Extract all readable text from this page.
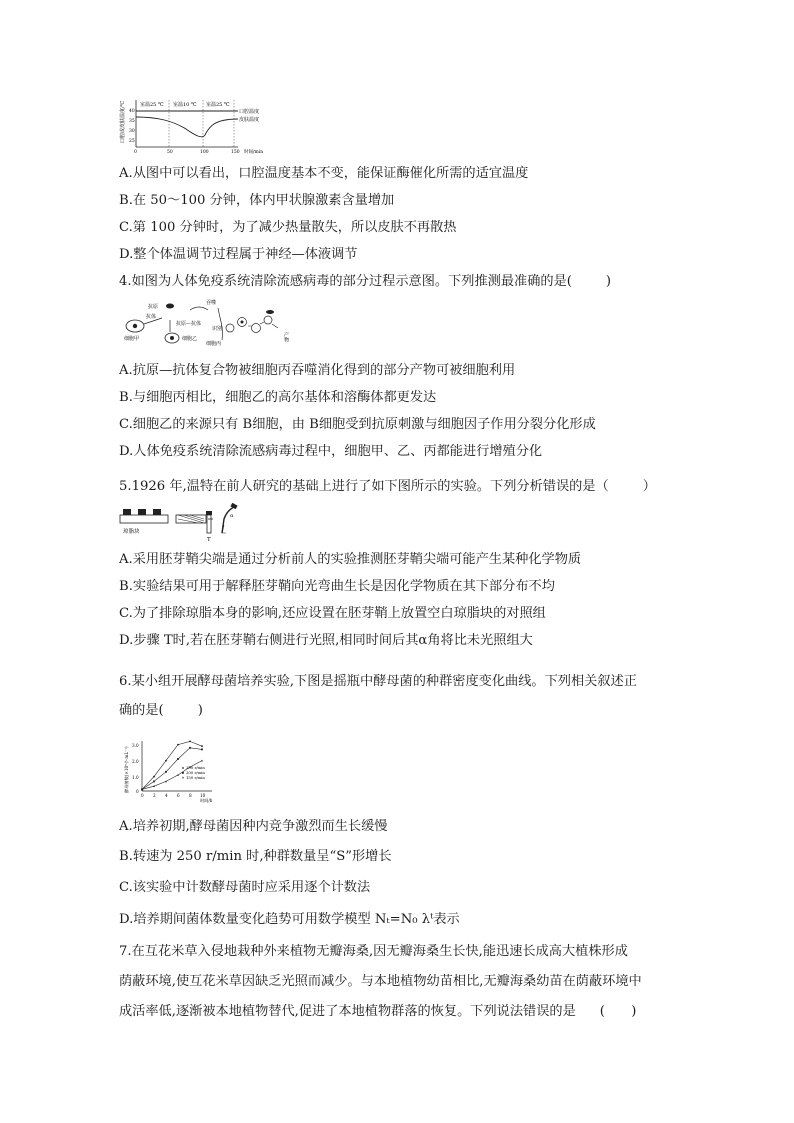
口腔或皮肤温度/℃	室温25 ℃ 室温10 ℃ 室温25 ℃
40
35
30
25
口腔温度
皮肤温度
0	50	100	150 时间/min
A.从图中可以看出，口腔温度基本不变，能保证酶催化所需的适宜温度
B.在 50～100 分钟，体内甲状腺激素含量增加
C.第 100 分钟时，为了减少热量散失，所以皮肤不再散热
D.整个体温调节过程属于神经—体液调节
4.如图为人体免疫系统清除流感病毒的部分过程示意图。下列推测最准确的是(	)
细胞甲	细胞乙
抗原
抗体
抗原—抗体
吞噬
识别
细胞丙
产物
A.抗原—抗体复合物被细胞丙吞噬消化得到的部分产物可被细胞利用
B.与细胞丙相比，细胞乙的高尔基体和溶酶体都更发达
C.细胞乙的来源只有 B细胞，由 B细胞受到抗原刺激与细胞因子作用分裂分化形成
D.人体免疫系统清除流感病毒过程中，细胞甲、乙、丙都能进行增殖分化
5.1926 年,温特在前人研究的基础上进行了如下图所示的实验。下列分析错误的是（	）
琼脂块
T
α
A.采用胚芽鞘尖端是通过分析前人的实验推测胚芽鞘尖端可能产生某种化学物质
B.实验结果可用于解释胚芽鞘向光弯曲生长是因化学物质在其下部分布不均
C.为了排除琼脂本身的影响,还应设置在胚芽鞘上放置空白琼脂块的对照组
D.步骤 T时,若在胚芽鞘右侧进行光照,相同时间后其α角将比未光照组大
6.某小组开展酵母菌培养实验,下图是摇瓶中酵母菌的种群密度变化曲线。下列相关叙述正
确的是(	)
酵母菌数(×10⁸个·mL⁻¹)
3.0
2.0
1.0
0
0 2 4 6 8 10
时间/h
250 r/min
200 r/min
150 r/min
A.培养初期,酵母菌因种内竞争激烈而生长缓慢
B.转速为 250 r/min 时,种群数量呈“S”形增长
C.该实验中计数酵母菌时应采用逐个计数法
D.培养期间菌体数量变化趋势可用数学模型 Nₜ=N₀ λᵗ表示
7.在互花米草入侵地栽种外来植物无瓣海桑,因无瓣海桑生长快,能迅速长成高大植株形成
荫蔽环境,使互花米草因缺乏光照而减少。与本地植物幼苗相比,无瓣海桑幼苗在荫蔽环境中
成活率低,逐渐被本地植物替代,促进了本地植物群落的恢复。下列说法错误的是 (　　)
